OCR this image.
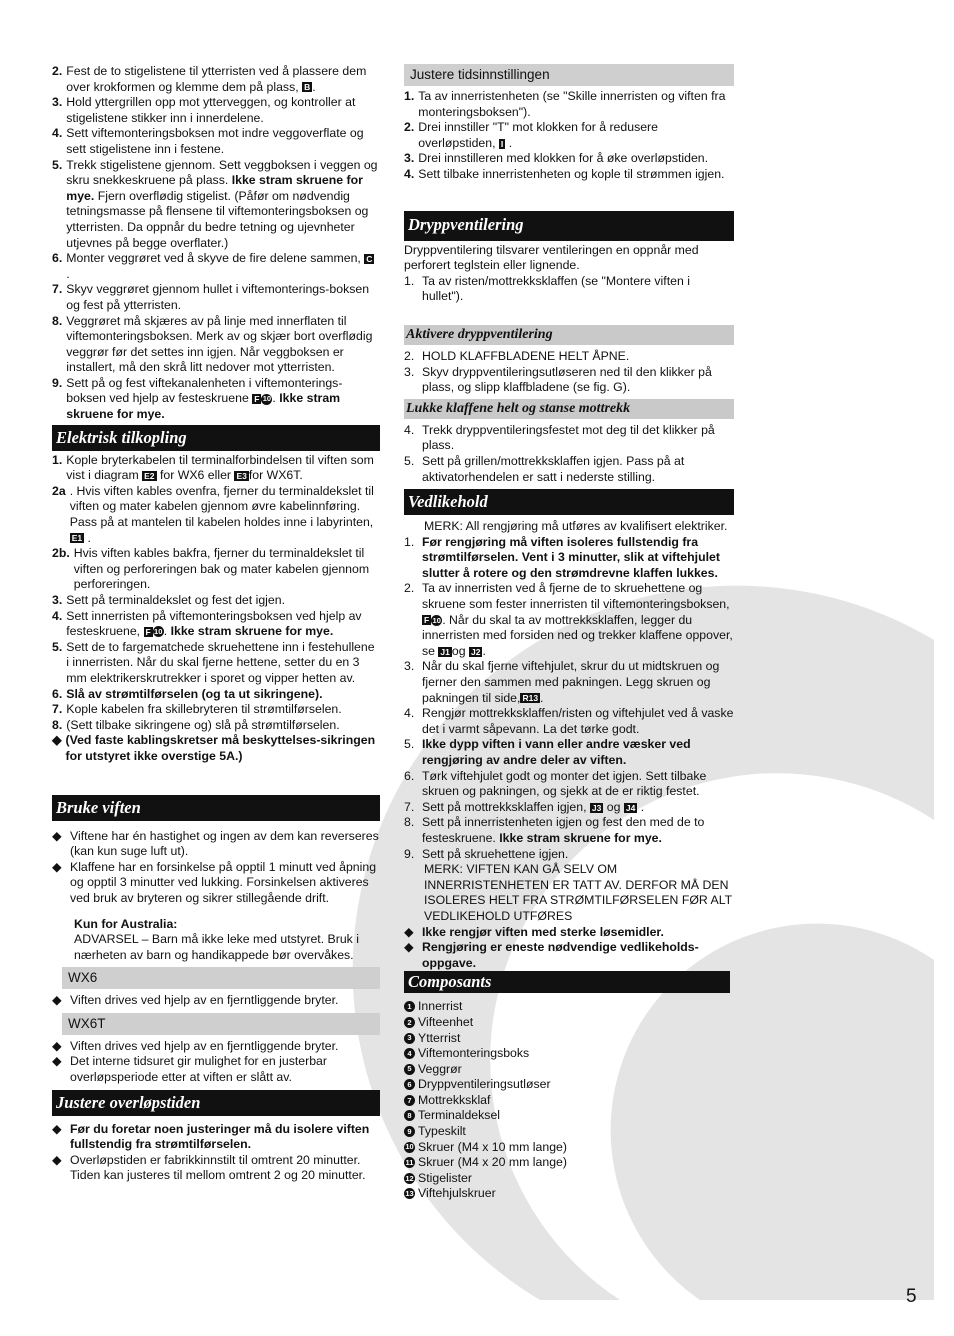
2. Fest de to stigelistene til ytterristen ved å plassere dem over krokformen og klemme dem på plass, B .
3. Hold yttergrillen opp mot ytterveggen, og kontroller at stigelistene stikker inn i innerdelene.
4. Sett viftemonteringsboksen mot indre veggoverflate og sett stigelistene inn i festene.
5. Trekk stigelistene gjennom. Sett veggboksen i veggen og skru snekkeskruene på plass. Ikke stram skruene for mye. Fjern overflødig stigelist. (Påfør om nødvendig tetningsmasse på flensene til viftemonteringsboksen og ytterristen. Da oppnår du bedre tetning og ujevnheter utjevnes på begge overflater.)
6. Monter veggrøret ved å skyve de fire delene sammen, C .
7. Skyv veggrøret gjennom hullet i viftemonterings-boksen og fest på ytterristen.
8. Veggrøret må skjæres av på linje med innerflaten til viftemonteringsboksen. Merk av og skjær bort overflødig veggrør før det settes inn igjen. Når veggboksen er installert, må den skrå litt nedover mot ytterristen.
9. Sett på og fest viftekanalenheten i viftemonterings-boksen ved hjelp av festeskruene F 10. Ikke stram skruene for mye.
Elektrisk tilkopling
1. Kople bryterkabelen til terminalforbindelsen til viften som vist i diagram E2 for WX6 eller E3 for WX6T.
2a . Hvis viften kables ovenfra, fjerner du terminaldekslet til viften og mater kabelen gjennom øvre kabelinnføring. Pass på at mantelen til kabelen holdes inne i labyrinten, E1 .
2b. Hvis viften kables bakfra, fjerner du terminaldekslet til viften og perforeringen bak og mater kabelen gjennom perforeringen.
3. Sett på terminaldekslet og fest det igjen.
4. Sett innerristen på viftemonteringsboksen ved hjelp av festeskruene, F 10. Ikke stram skruene for mye.
5. Sett de to fargematchede skruehettene inn i festehullene i innerristen. Når du skal fjerne hettene, setter du en 3 mm elektrikerskrutrekker i sporet og vipper hetten av.
6. Slå av strømtilførselen (og ta ut sikringene).
7. Kople kabelen fra skillebryteren til strømtilførselen.
8. (Sett tilbake sikringene og) slå på strømtilførselen.
◆ (Ved faste kablingskretser må beskyttelses-sikringen for utstyret ikke overstige 5A.)
Bruke viften
◆ Viftene har én hastighet og ingen av dem kan reverseres (kan kun suge luft ut).
◆ Klaffene har en forsinkelse på opptil 1 minutt ved åpning og opptil 3 minutter ved lukking. Forsinkelsen aktiveres ved bruk av bryteren og sikrer stillegående drift.
Kun for Australia:
ADVARSEL – Barn må ikke leke med utstyret. Bruk i nærheten av barn og handikappede bør overvåkes.
WX6
◆ Viften drives ved hjelp av en fjerntliggende bryter.
WX6T
◆ Viften drives ved hjelp av en fjerntliggende bryter.
◆ Det interne tidsuret gir mulighet for en justerbar overløpsperiode etter at viften er slått av.
Justere overløpstiden
◆ Før du foretar noen justeringer må du isolere viften fullstendig fra strømtilførselen.
◆ Overløpstiden er fabrikkinnstilt til omtrent 20 minutter. Tiden kan justeres til mellom omtrent 2 og 20 minutter.
Justere tidsinnstillingen
1. Ta av innerristenheten (se "Skille innerristen og viften fra monteringsboksen").
2. Drei innstiller "T" mot klokken for å redusere overløpstiden, I .
3. Drei innstilleren med klokken for å øke overløpstiden.
4. Sett tilbake innerristenheten og kople til strømmen igjen.
Dryppventilering
Dryppventilering tilsvarer ventileringen en oppnår med perforert teglstein eller lignende.
1. Ta av risten/mottrekksklaffen (se "Montere viften i hullet").
Aktivere dryppventilering
2. HOLD KLAFFBLADENE HELT ÅPNE.
3. Skyv dryppventileringsutløseren ned til den klikker på plass, og slipp klaffbladene (se fig. G).
Lukke klaffene helt og stanse mottrekk
4. Trekk dryppventileringsfestet mot deg til det klikker på plass.
5. Sett på grillen/mottrekksklaffen igjen. Pass på at aktivatorhendelen er satt i nederste stilling.
Vedlikehold
MERK: All rengjøring må utføres av kvalifisert elektriker.
1. Før rengjøring må viften isoleres fullstendig fra strømtilførselen. Vent i 3 minutter, slik at viftehjulet slutter å rotere og den strømdrevne klaffen lukkes.
2. Ta av innerristen ved å fjerne de to skruehettene og skruene som fester innerristen til viftemonteringsboksen, F 10. Når du skal ta av mottrekksklaffen, legger du innerristen med forsiden ned og trekker klaffene oppover, se J1 og J2 .
3. Når du skal fjerne viftehjulet, skrur du ut midtskruen og fjerner den sammen med pakningen. Legg skruen og pakningen til side, R13 .
4. Rengjør mottrekksklaffen/risten og viftehjulet ved å vaske det i varmt såpevann. La det tørke godt.
5. Ikke dypp viften i vann eller andre væsker ved rengjøring av andre deler av viften.
6. Tørk viftehjulet godt og monter det igjen. Sett tilbake skruen og pakningen, og sjekk at de er riktig festet.
7. Sett på mottrekksklaffen igjen, J3 og J4 .
8. Sett på innerristenheten igjen og fest den med de to festeskruene. Ikke stram skruene for mye.
9. Sett på skruehettene igjen.
MERK: VIFTEN KAN GÅ SELV OM INNERRISTENHETEN ER TATT AV. DERFOR MÅ DEN ISOLERES HELT FRA STRØMTILFØRSELEN FØR ALT VEDLIKEHOLD UTFØRES
◆ Ikke rengjør viften med sterke løsemidler.
◆ Rengjøring er eneste nødvendige vedlikeholds-oppgave.
Composants
1 Innerrist
2 Vifteenhet
3 Ytterrist
4 Viftemonteringsboks
5 Veggrør
6 Dryppventileringsutløser
7 Mottrekksklaf
8 Terminaldeksel
9 Typeskilt
10 Skruer (M4 x 10 mm lange)
11 Skruer (M4 x 20 mm lange)
12 Stigelister
13 Viftehjulskruer
5
